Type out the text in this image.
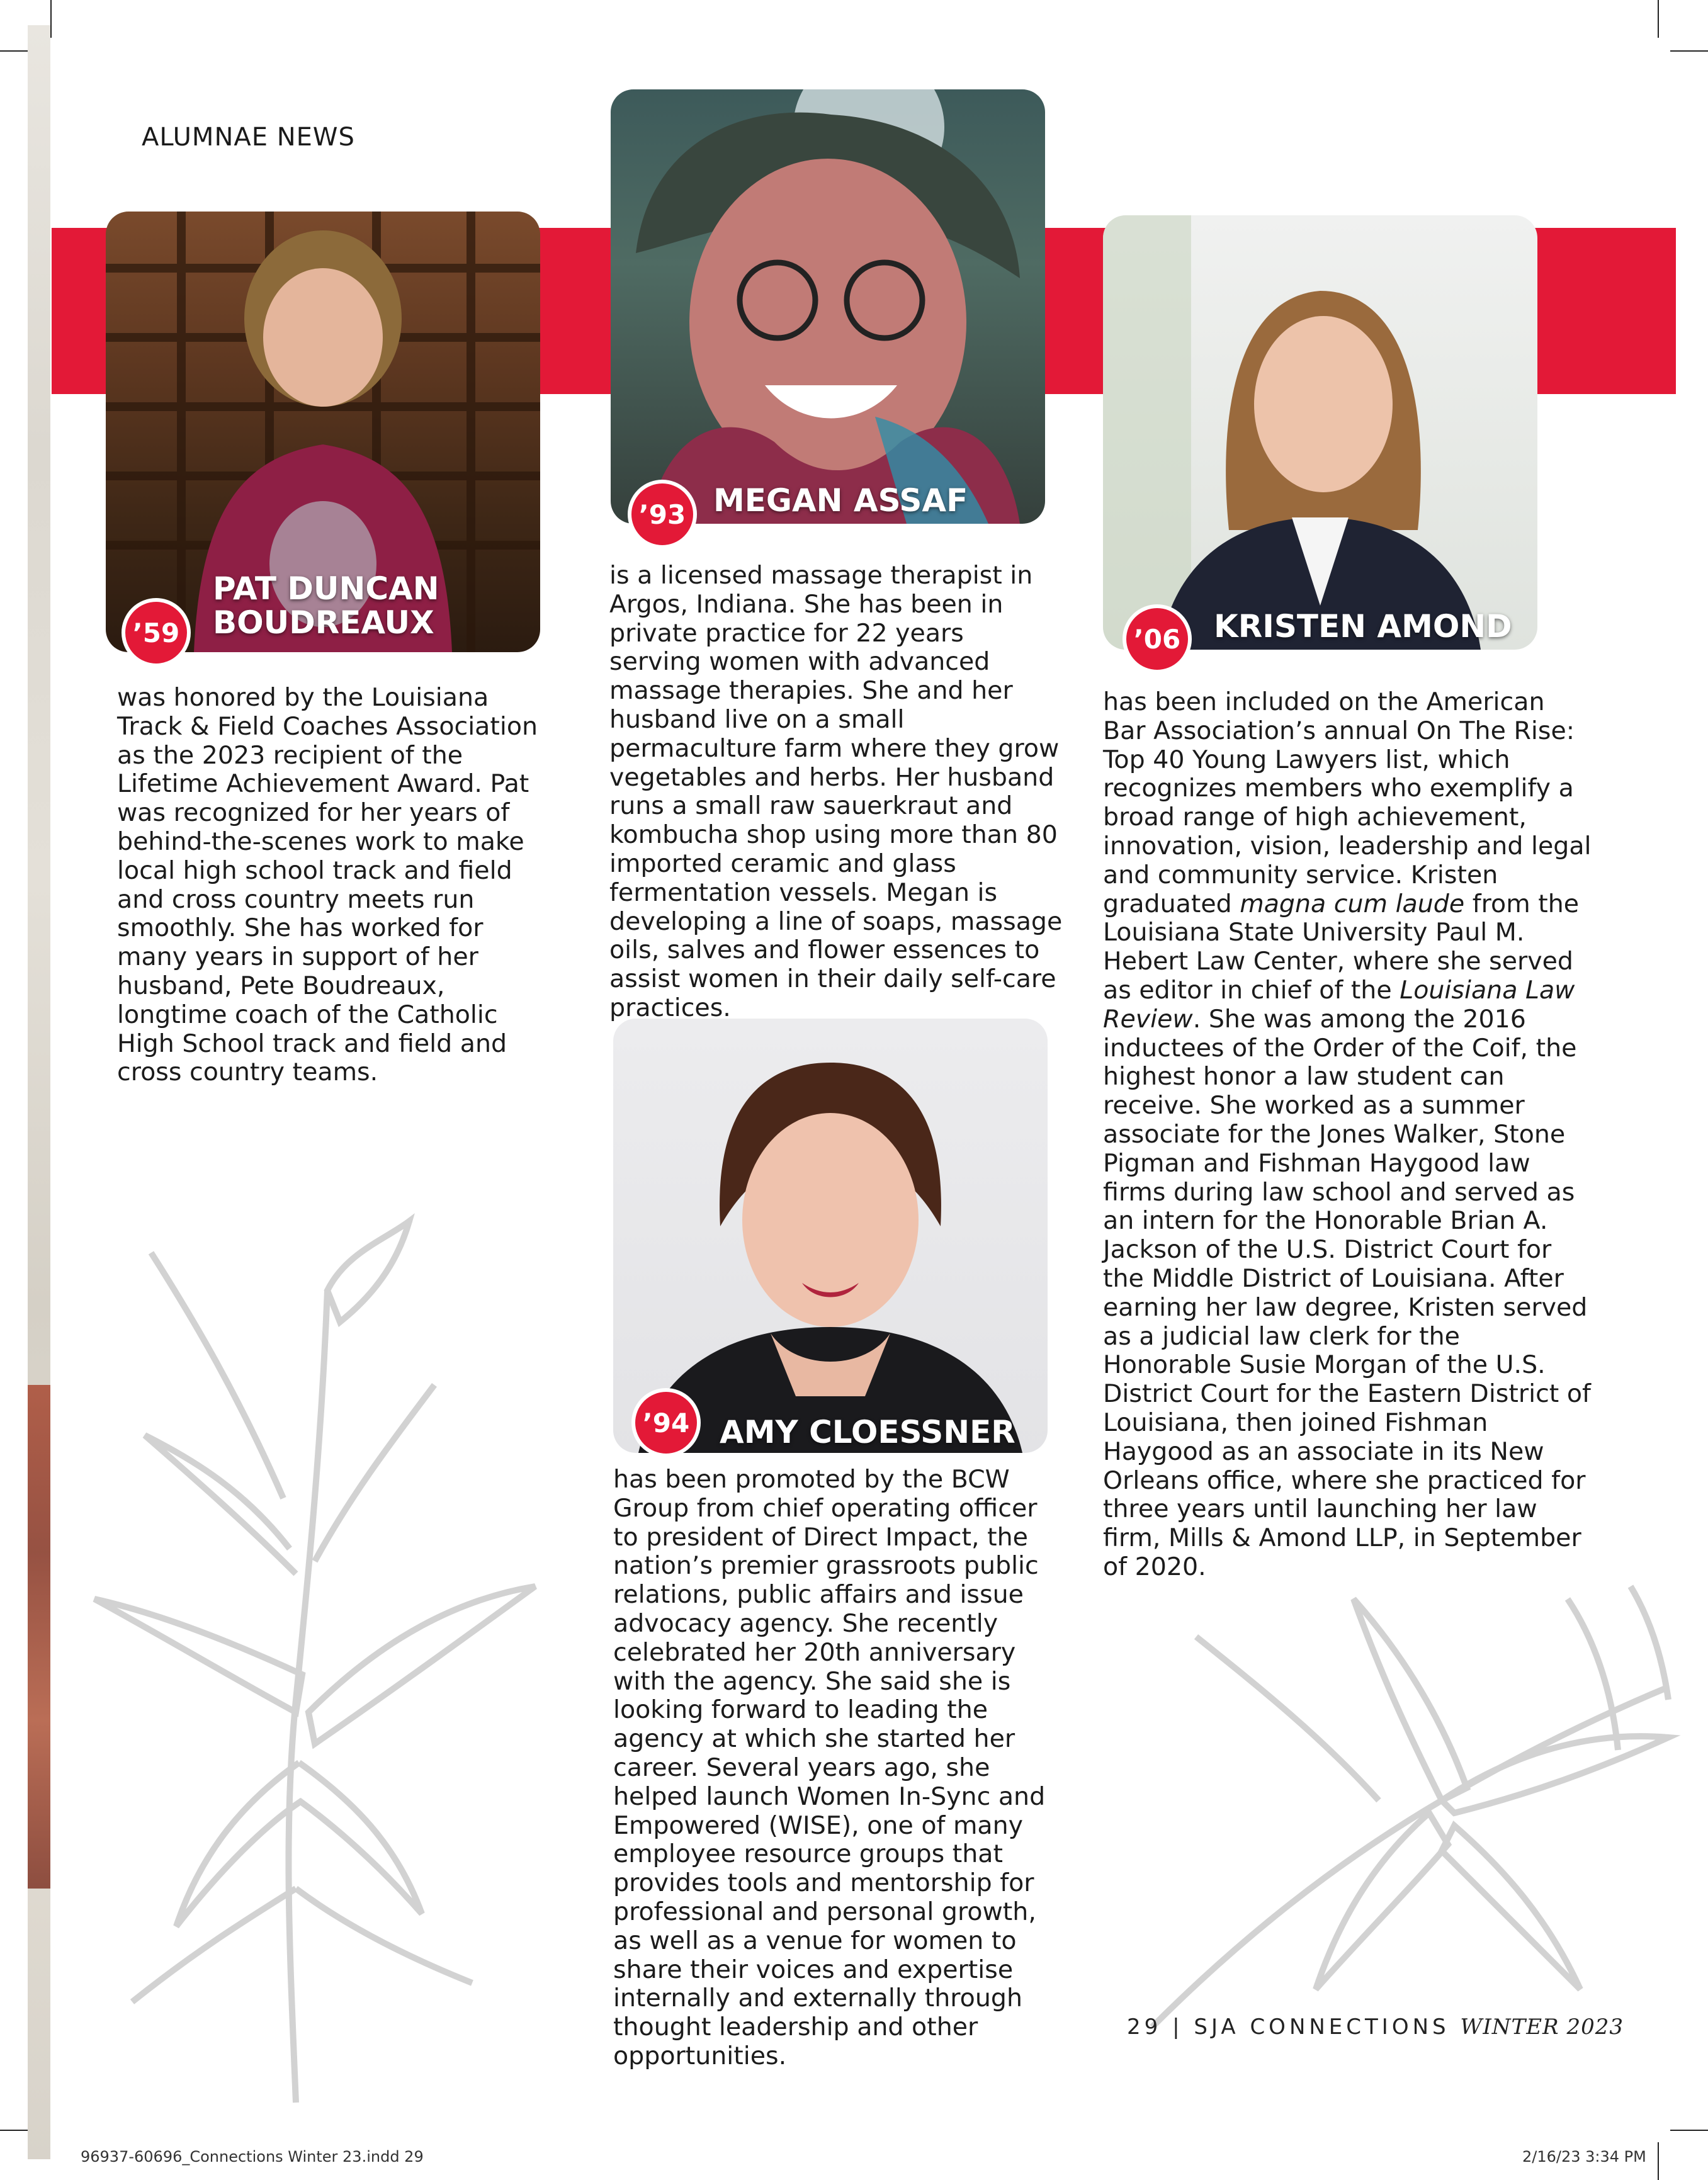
ALUMNAE NEWS
PAT DUNCAN
BOUDREAUX
’59
’93 MEGAN ASSAF
’06	KRISTEN AMOND
’94 AMY CLOESSNER
was honored by the Louisiana Track & Field Coaches Association as the 2023 recipient of the Lifetime Achievement Award. Pat was recognized for her years of behind-the-scenes work to make local high school track and field and cross country meets run smoothly. She has worked for many years in support of her husband, Pete Boudreaux, longtime coach of the Catholic High School track and field and cross country teams.
is a licensed massage therapist in Argos, Indiana. She has been in private practice for 22 years serving women with advanced massage therapies. She and her husband live on a small permaculture farm where they grow vegetables and herbs. Her husband runs a small raw sauerkraut and kombucha shop using more than 80 imported ceramic and glass fermentation vessels. Megan is developing a line of soaps, massage oils, salves and flower essences to assist women in their daily self-care practices.
has been promoted by the BCW Group from chief operating officer to president of Direct Impact, the nation’s premier grassroots public relations, public affairs and issue advocacy agency. She recently celebrated her 20th anniversary with the agency. She said she is looking forward to leading the agency at which she started her career. Several years ago, she helped launch Women In-Sync and Empowered (WISE), one of many employee resource groups that provides tools and mentorship for professional and personal growth, as well as a venue for women to share their voices and expertise internally and externally through thought leadership and other opportunities.
has been included on the American Bar Association’s annual On The Rise: Top 40 Young Lawyers list, which recognizes members who exemplify a broad range of high achievement, innovation, vision, leadership and legal and community service. Kristen graduated magna cum laude from the Louisiana State University Paul M. Hebert Law Center, where she served as editor in chief of the Louisiana Law Review. She was among the 2016 inductees of the Order of the Coif, the highest honor a law student can receive. She worked as a summer associate for the Jones Walker, Stone Pigman and Fishman Haygood law firms during law school and served as an intern for the Honorable Brian A. Jackson of the U.S. District Court for the Middle District of Louisiana. After earning her law degree, Kristen served as a judicial law clerk for the Honorable Susie Morgan of the U.S. District Court for the Eastern District of Louisiana, then joined Fishman Haygood as an associate in its New Orleans office, where she practiced for three years until launching her law firm, Mills & Amond LLP, in September of 2020.
29 | SJA CONNECTIONS WINTER 2023
96937-60696_Connections Winter 23.indd 29	2/16/23 3:34 PM
